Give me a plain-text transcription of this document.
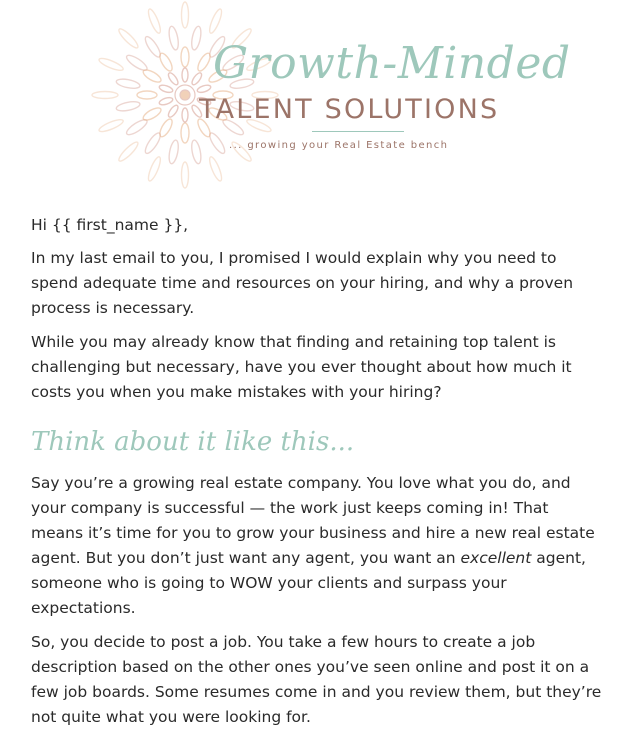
Growth-Minded
TALENT SOLUTIONS
... growing your Real Estate bench

Hi {{ first_name }},

In my last email to you, I promised I would explain why you need to spend adequate time and resources on your hiring, and why a proven process is necessary.

While you may already know that finding and retaining top talent is challenging but necessary, have you ever thought about how much it costs you when you make mistakes with your hiring?

Think about it like this...

Say you’re a growing real estate company. You love what you do, and your company is successful — the work just keeps coming in! That means it’s time for you to grow your business and hire a new real estate agent. But you don’t just want any agent, you want an excellent agent, someone who is going to WOW your clients and surpass your expectations.

So, you decide to post a job. You take a few hours to create a job description based on the other ones you’ve seen online and post it on a few job boards. Some resumes come in and you review them, but they’re not quite what you were looking for.
